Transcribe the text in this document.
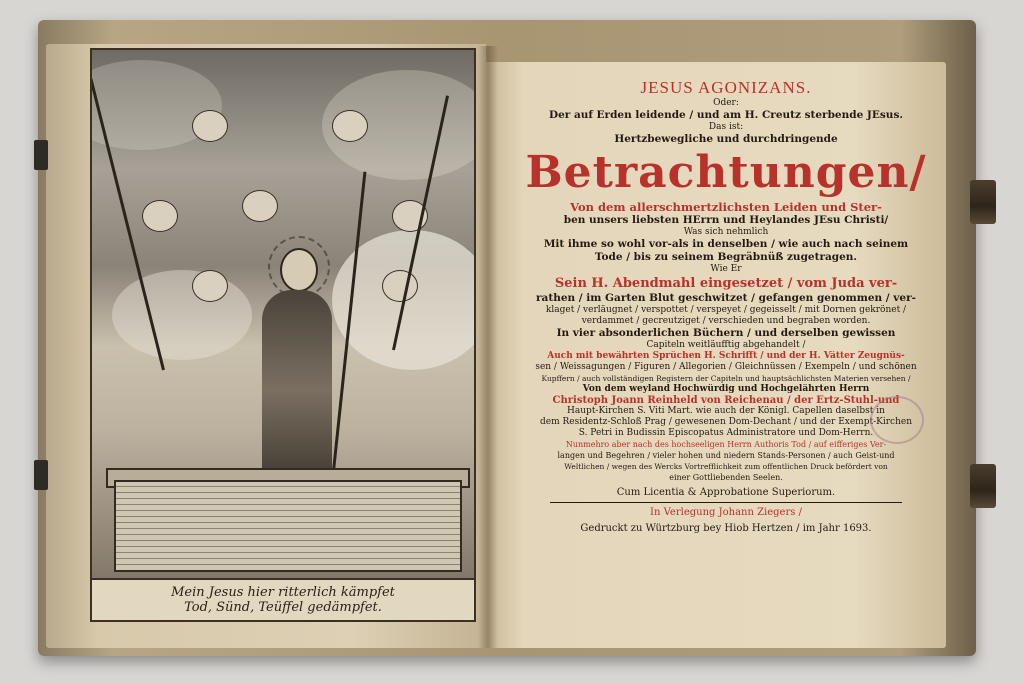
Mein Jesus hier ritterlich kämpfet
Tod, Sünd, Teüffel gedämpfet.

JESUS AGONIZANS.

Oder:

Der auf Erden leidende / und am H. Creutz sterbende JEsus.

Das ist:

Hertzbewegliche und durchdringende

Betrachtungen/

Von dem allerschmertzlichsten Leiden und Ster-

ben unsers liebsten HErrn und Heylandes JEsu Christi/

Was sich nehmlich

Mit ihme so wohl vor-als in denselben / wie auch nach seinem

Tode / bis zu seinem Begräbnüß zugetragen.

Wie Er

Sein H. Abendmahl eingesetzet / vom Juda ver-

rathen / im Garten Blut geschwitzet / gefangen genommen / ver-

klaget / verläugnet / verspottet / verspeyet / gegeisselt / mit Dornen gekrönet /

verdammet / gecreutziget / verschieden und begraben worden.

In vier absonderlichen Büchern / und derselben gewissen

Capiteln weitläufftig abgehandelt /

Auch mit bewährten Sprüchen H. Schrifft / und der H. Vätter Zeugnüs-

sen / Weissagungen / Figuren / Allegorien / Gleichnüssen / Exempeln / und schönen

Kupffern / auch vollständigen Registern der Capiteln und hauptsächlichsten Materien versehen /

Von dem weyland Hochwürdig und Hochgelährten Herrn

Christoph Joann Reinheld von Reichenau / der Ertz-Stuhl-und

Haupt-Kirchen S. Viti Mart. wie auch der Königl. Capellen daselbst in

dem Residentz-Schloß Prag / gewesenen Dom-Dechant / und der Exempt-Kirchen

S. Petri in Budissin Episcopatus Administratore und Dom-Herrn.

Nunmehro aber nach des hochseeligen Herrn Authoris Tod / auf eifferiges Ver-

langen und Begehren / vieler hohen und niedern Stands-Personen / auch Geist-und

Weltlichen / wegen des Wercks Vortrefflichkeit zum offentlichen Druck befördert von

einer Gottliebenden Seelen.

Cum Licentia & Approbatione Superiorum.

In Verlegung Johann Ziegers /

Gedruckt zu Würtzburg bey Hiob Hertzen / im Jahr 1693.
